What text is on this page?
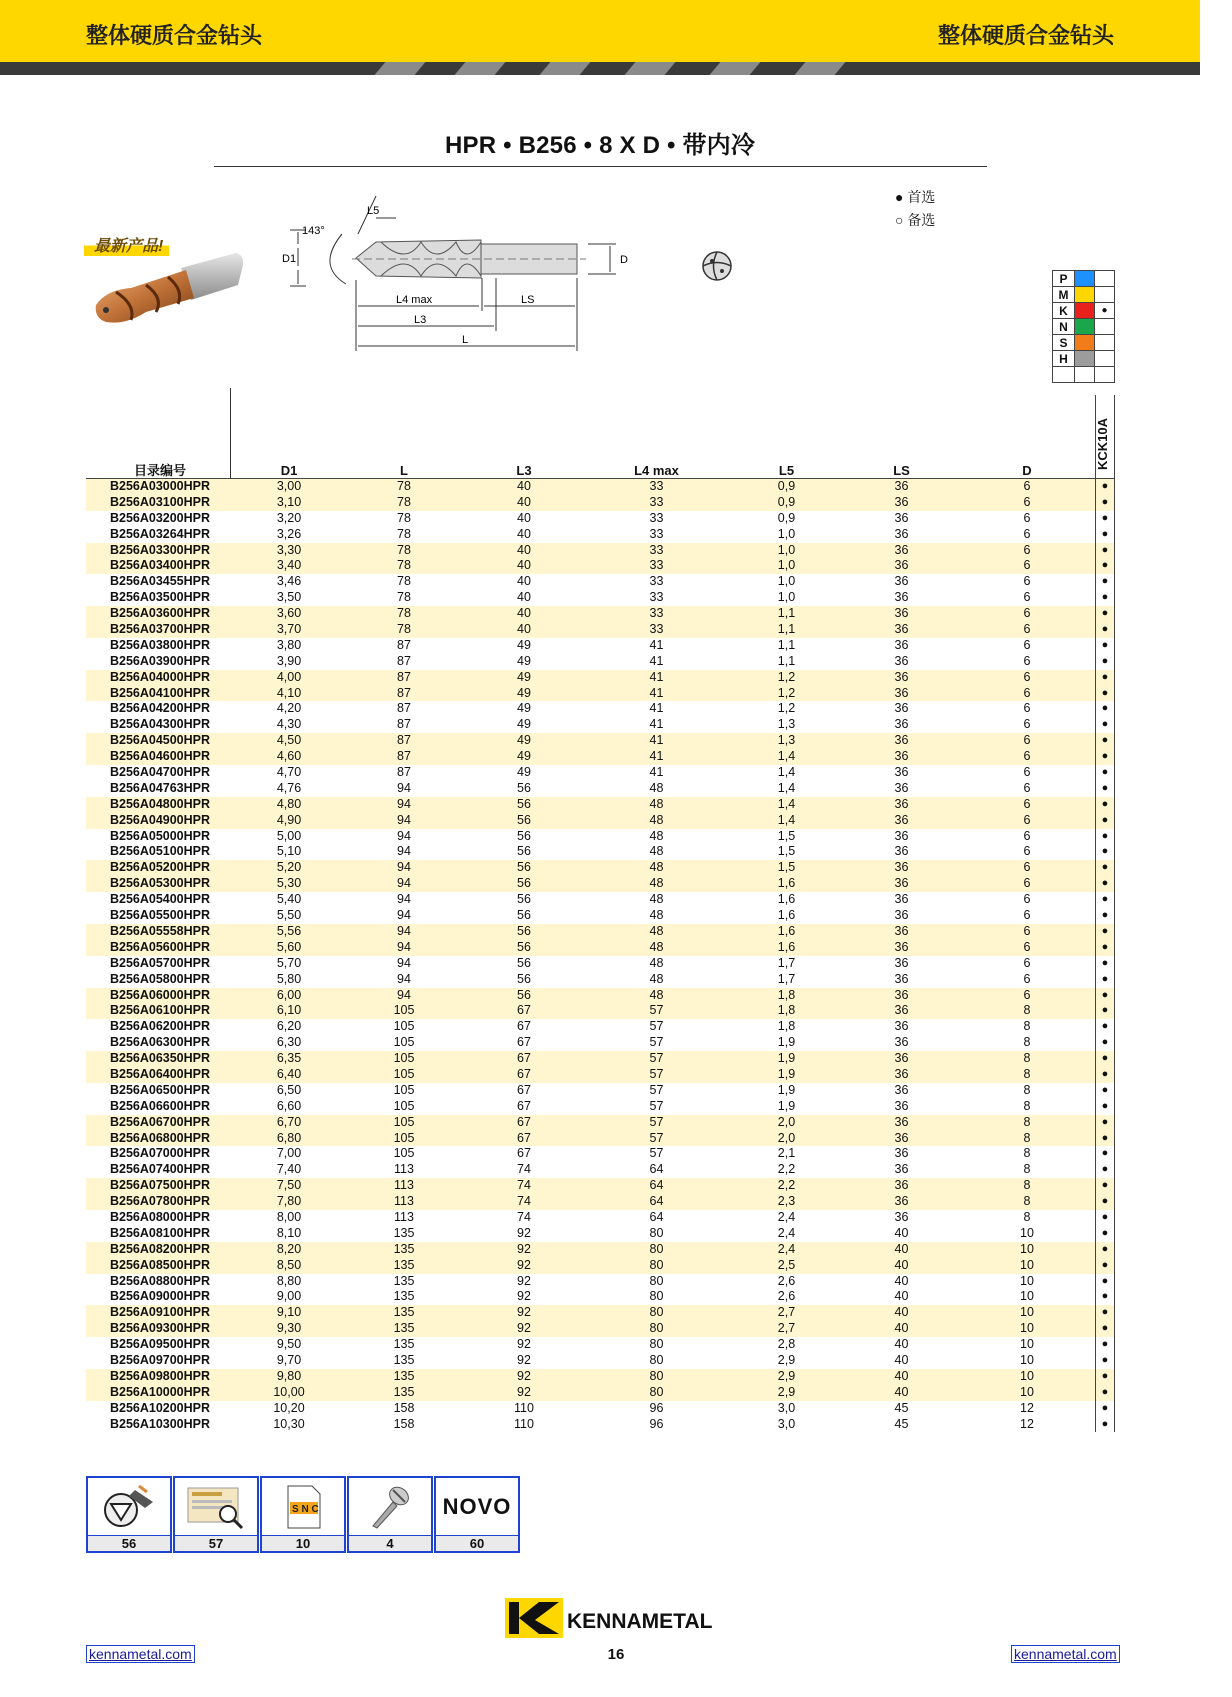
整体硬质合金钻头	整体硬质合金钻头
HPR • B256 • 8 X D • 带内冷
● 首选
○ 备选
最新产品!
L5
143°
D1	D
L4 max	LS
L3
L
P		
M		
K		●
N		
S		
H		

KCK10A
目录编号	D1	L	L3	L4 max	L5	LS	D
B256A03000HPR	3,00	78	40	33	0,9	36	6	●
B256A03100HPR	3,10	78	40	33	0,9	36	6	●
B256A03200HPR	3,20	78	40	33	0,9	36	6	●
B256A03264HPR	3,26	78	40	33	1,0	36	6	●
B256A03300HPR	3,30	78	40	33	1,0	36	6	●
B256A03400HPR	3,40	78	40	33	1,0	36	6	●
B256A03455HPR	3,46	78	40	33	1,0	36	6	●
B256A03500HPR	3,50	78	40	33	1,0	36	6	●
B256A03600HPR	3,60	78	40	33	1,1	36	6	●
B256A03700HPR	3,70	78	40	33	1,1	36	6	●
B256A03800HPR	3,80	87	49	41	1,1	36	6	●
B256A03900HPR	3,90	87	49	41	1,1	36	6	●
B256A04000HPR	4,00	87	49	41	1,2	36	6	●
B256A04100HPR	4,10	87	49	41	1,2	36	6	●
B256A04200HPR	4,20	87	49	41	1,2	36	6	●
B256A04300HPR	4,30	87	49	41	1,3	36	6	●
B256A04500HPR	4,50	87	49	41	1,3	36	6	●
B256A04600HPR	4,60	87	49	41	1,4	36	6	●
B256A04700HPR	4,70	87	49	41	1,4	36	6	●
B256A04763HPR	4,76	94	56	48	1,4	36	6	●
B256A04800HPR	4,80	94	56	48	1,4	36	6	●
B256A04900HPR	4,90	94	56	48	1,4	36	6	●
B256A05000HPR	5,00	94	56	48	1,5	36	6	●
B256A05100HPR	5,10	94	56	48	1,5	36	6	●
B256A05200HPR	5,20	94	56	48	1,5	36	6	●
B256A05300HPR	5,30	94	56	48	1,6	36	6	●
B256A05400HPR	5,40	94	56	48	1,6	36	6	●
B256A05500HPR	5,50	94	56	48	1,6	36	6	●
B256A05558HPR	5,56	94	56	48	1,6	36	6	●
B256A05600HPR	5,60	94	56	48	1,6	36	6	●
B256A05700HPR	5,70	94	56	48	1,7	36	6	●
B256A05800HPR	5,80	94	56	48	1,7	36	6	●
B256A06000HPR	6,00	94	56	48	1,8	36	6	●
B256A06100HPR	6,10	105	67	57	1,8	36	8	●
B256A06200HPR	6,20	105	67	57	1,8	36	8	●
B256A06300HPR	6,30	105	67	57	1,9	36	8	●
B256A06350HPR	6,35	105	67	57	1,9	36	8	●
B256A06400HPR	6,40	105	67	57	1,9	36	8	●
B256A06500HPR	6,50	105	67	57	1,9	36	8	●
B256A06600HPR	6,60	105	67	57	1,9	36	8	●
B256A06700HPR	6,70	105	67	57	2,0	36	8	●
B256A06800HPR	6,80	105	67	57	2,0	36	8	●
B256A07000HPR	7,00	105	67	57	2,1	36	8	●
B256A07400HPR	7,40	113	74	64	2,2	36	8	●
B256A07500HPR	7,50	113	74	64	2,2	36	8	●
B256A07800HPR	7,80	113	74	64	2,3	36	8	●
B256A08000HPR	8,00	113	74	64	2,4	36	8	●
B256A08100HPR	8,10	135	92	80	2,4	40	10	●
B256A08200HPR	8,20	135	92	80	2,4	40	10	●
B256A08500HPR	8,50	135	92	80	2,5	40	10	●
B256A08800HPR	8,80	135	92	80	2,6	40	10	●
B256A09000HPR	9,00	135	92	80	2,6	40	10	●
B256A09100HPR	9,10	135	92	80	2,7	40	10	●
B256A09300HPR	9,30	135	92	80	2,7	40	10	●
B256A09500HPR	9,50	135	92	80	2,8	40	10	●
B256A09700HPR	9,70	135	92	80	2,9	40	10	●
B256A09800HPR	9,80	135	92	80	2,9	40	10	●
B256A10000HPR	10,00	135	92	80	2,9	40	10	●
B256A10200HPR	10,20	158	110	96	3,0	45	12	●
B256A10300HPR	10,30	158	110	96	3,0	45	12	●
56	57
S N C
10	4
NOVO
60
KENNAMETAL
kennametal.com	16	kennametal.com
